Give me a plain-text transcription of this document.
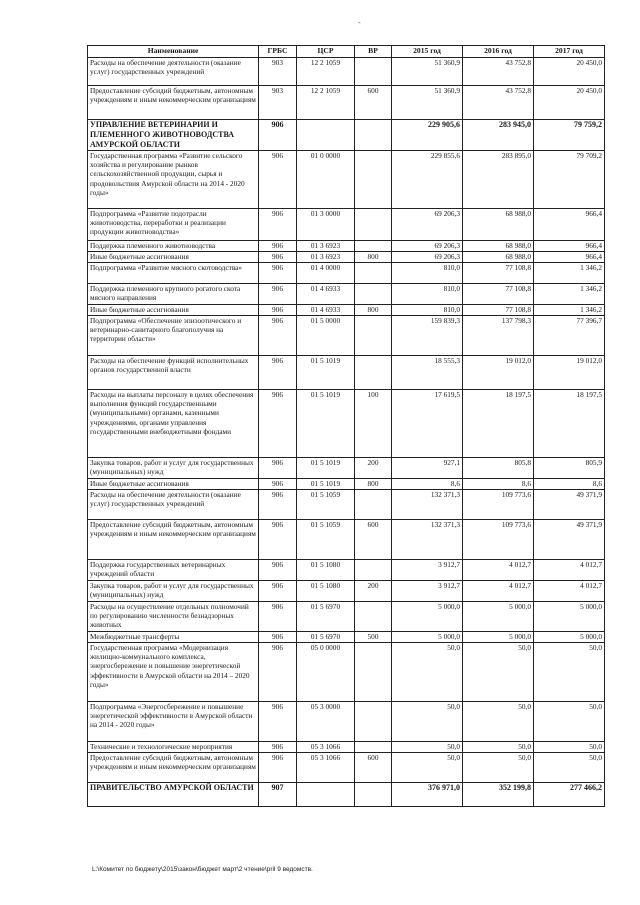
-
Наименование	ГРБС	ЦСР	ВР	2015 год	2016 год	2017 год
Расходы на обеспечение деятельности (оказание услуг) государственных учреждений	903	12 2 1059		51 360,9	43 752,8	20 450,0
Предоставление субсидий бюджетным, автономным учреждениям и иным некоммерческим организациям	903	12 2 1059	600	51 360,9	43 752,8	20 450,0
УПРАВЛЕНИЕ ВЕТЕРИНАРИИ И ПЛЕМЕННОГО ЖИВОТНОВОДСТВА АМУРСКОЙ ОБЛАСТИ	906			229 905,6	283 945,0	79 759,2
Государственная программа «Развитие сельского хозяйства и регулирование рынков сельскохозяйственной продукции, сырья и продовольствия Амурской области на 2014 - 2020 годы»	906	01 0 0000		229 855,6	283 895,0	79 709,2
Подпрограмма «Развитие подотрасли животноводства, переработки и реализации продукции животноводства»	906	01 3 0000		69 206,3	68 988,0	966,4
Поддержка племенного животноводства	906	01 3 6923		69 206,3	68 988,0	966,4
Иные бюджетные ассигнования	906	01 3 6923	800	69 206,3	68 988,0	966,4
Подпрограмма «Развитие мясного скотоводства»	906	01 4 0000		810,0	77 108,8	1 346,2
Поддержка племенного крупного рогатого скота мясного направления	906	01 4 6933		810,0	77 108,8	1 346,2
Иные бюджетные ассигнования	906	01 4 6933	800	810,0	77 108,8	1 346,2
Подпрограмма «Обеспечение эпизоотического и ветеринарно-санитарного благополучия на территории области»	906	01 5 0000		159 839,3	137 798,3	77 396,7
Расходы на обеспечение функций исполнительных органов государственной власти	906	01 5 1019		18 555,3	19 012,0	19 012,0
Расходы на выплаты персоналу в целях обеспечения выполнения функций государственными (муниципальными) органами, казенными учреждениями, органами управления государственными внебюджетными фондами	906	01 5 1019	100	17 619,5	18 197,5	18 197,5
Закупка товаров, работ и услуг для государственных (муниципальных) нужд	906	01 5 1019	200	927,1	805,8	805,9
Иные бюджетные ассигнования	906	01 5 1019	800	8,6	8,6	8,6
Расходы на обеспечение деятельности (оказание услуг) государственных учреждений	906	01 5 1059		132 371,3	109 773,6	49 371,9
Предоставление субсидий бюджетным, автономным учреждениям и иным некоммерческим организациям	906	01 5 1059	600	132 371,3	109 773,6	49 371,9
Поддержка государственных ветеринарных учреждений области	906	01 5 1080		3 912,7	4 012,7	4 012,7
Закупка товаров, работ и услуг для государственных (муниципальных) нужд	906	01 5 1080	200	3 912,7	4 012,7	4 012,7
Расходы на осуществление отдельных полномочий по регулированию численности безнадзорных животных	906	01 5 6970		5 000,0	5 000,0	5 000,0
Межбюджетные трансферты	906	01 5 6970	500	5 000,0	5 000,0	5 000,0
Государственная программа «Модернизация жилищно-коммунального комплекса, энергосбережение и повышение энергетической эффективности в Амурской области на 2014 – 2020 годы»	906	05 0 0000		50,0	50,0	50,0
Подпрограмма «Энергосбережение и повышение энергетической эффективности в Амурской области на 2014 - 2020 годы»	906	05 3 0000		50,0	50,0	50,0
Технические и технологические мероприятия	906	05 3 1066		50,0	50,0	50,0
Предоставление субсидий бюджетным, автономным учреждениям и иным некоммерческим организациям	906	05 3 1066	600	50,0	50,0	50,0
ПРАВИТЕЛЬСТВО АМУРСКОЙ ОБЛАСТИ	907			376 971,0	352 199,8	277 466,2
L:\Комитет по бюджету\2015\закон\бюджет март\2 чтение\pril 9 ведомств.
